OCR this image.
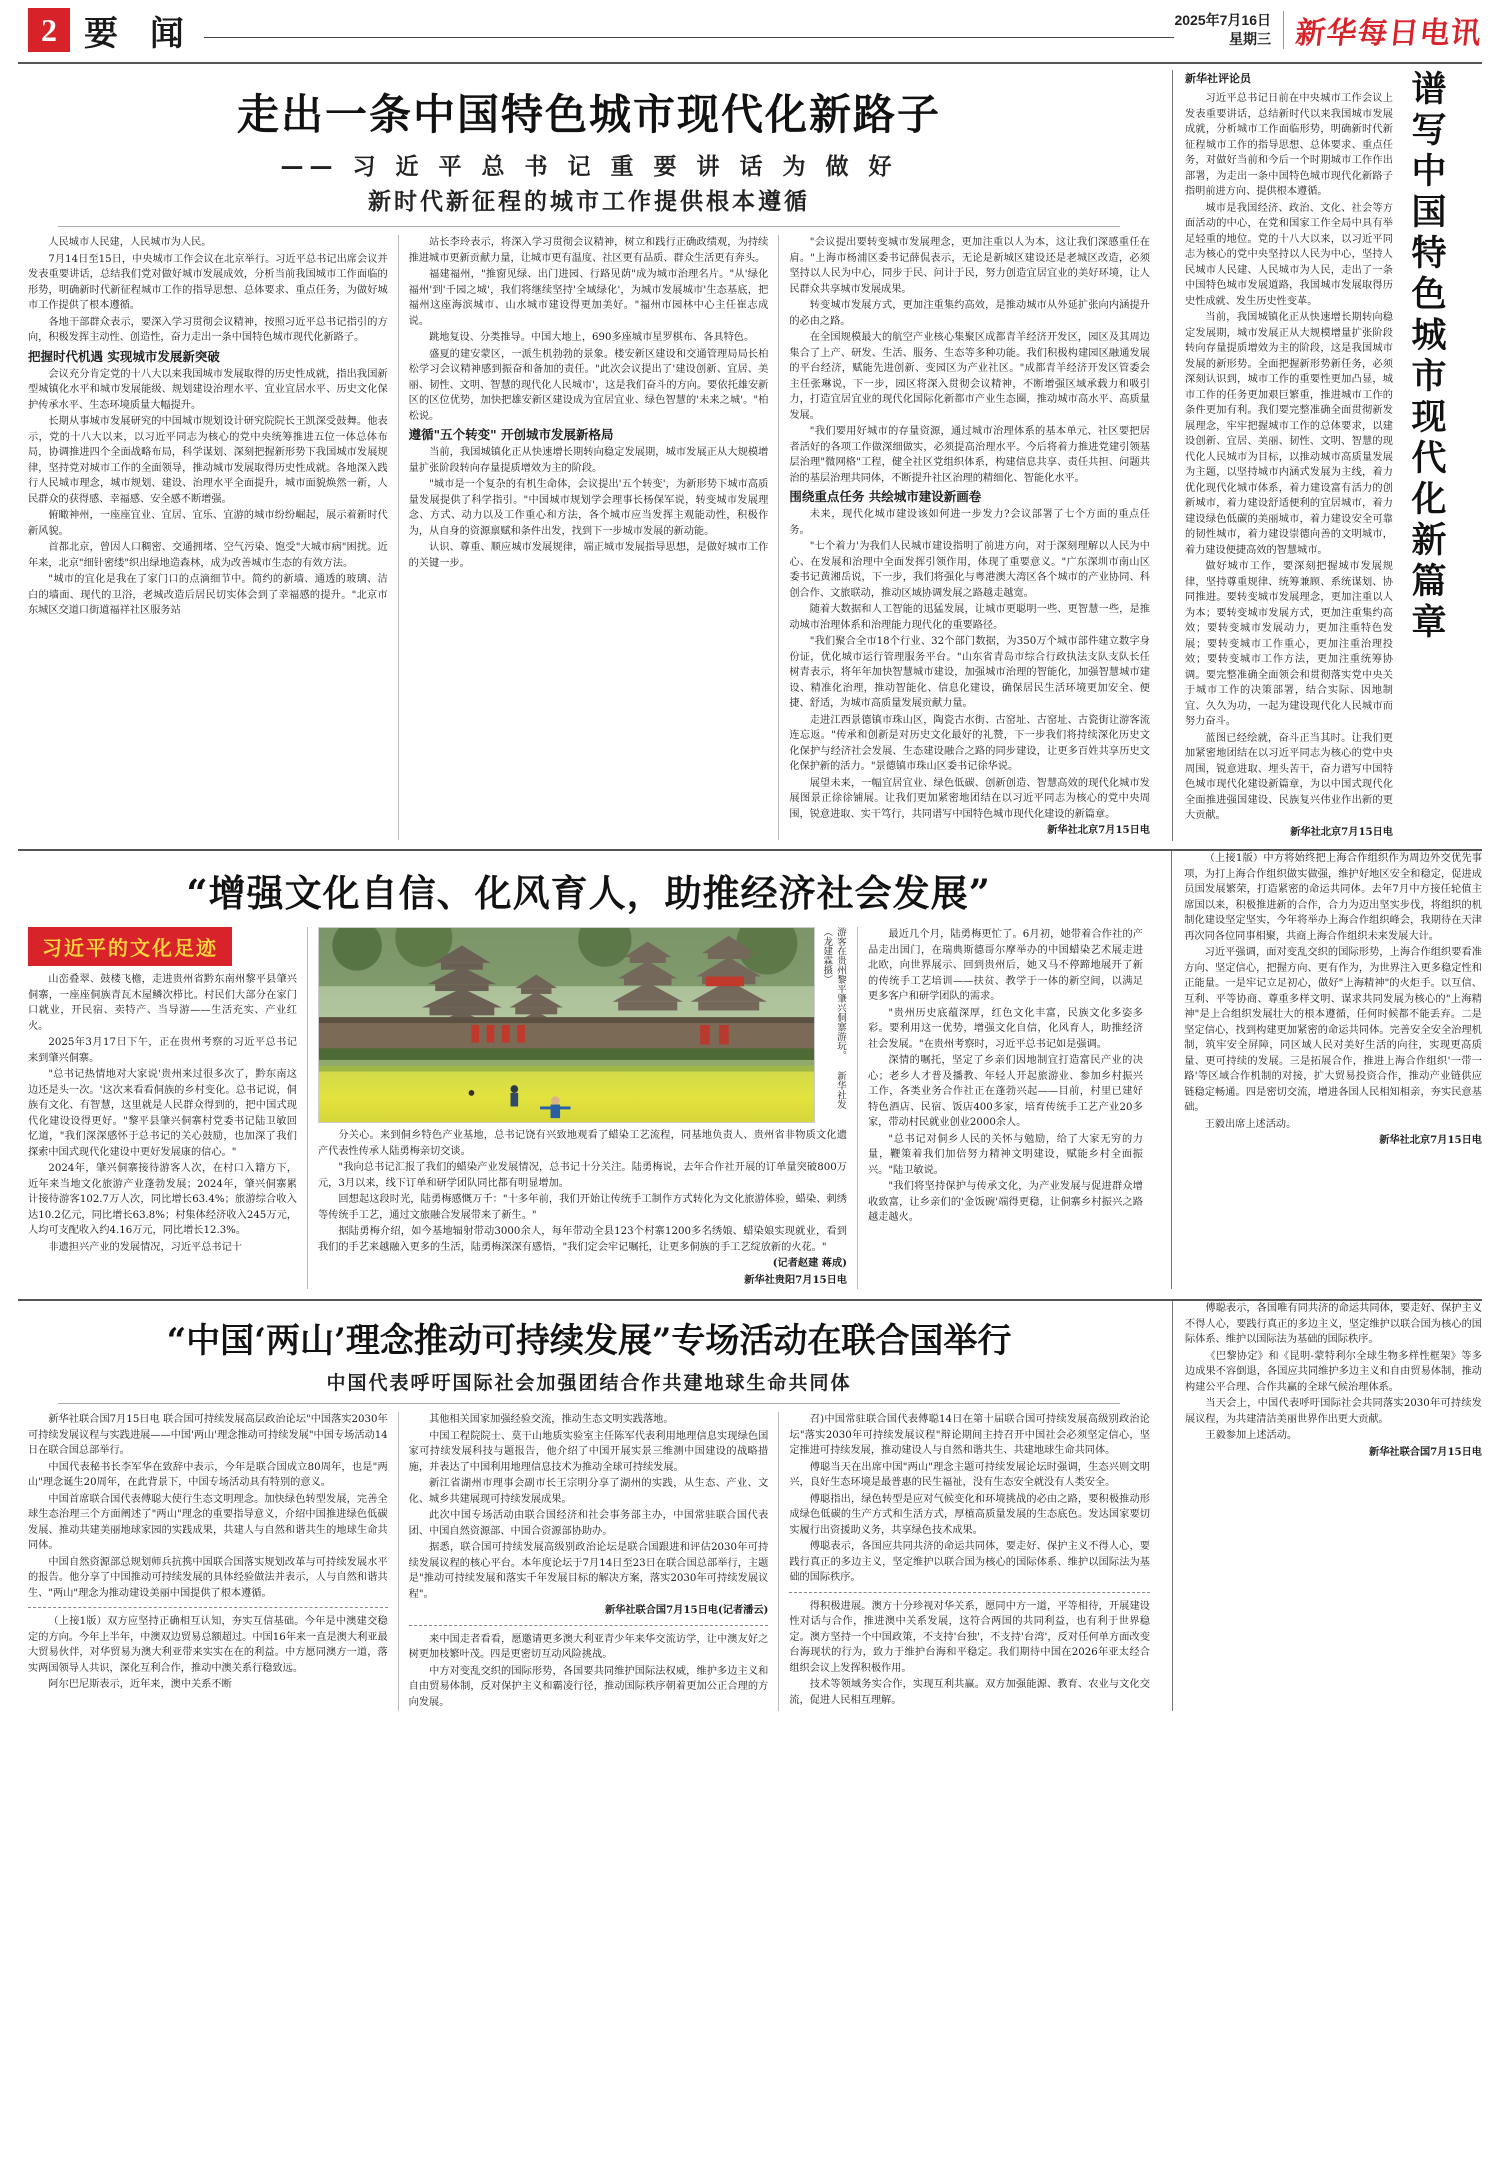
2 要 闻	2025年7月16日
星期三 新华每日电讯
走出一条中国特色城市现代化新路子
—— 习 近 平 总 书 记 重 要 讲 话 为 做 好
新时代新征程的城市工作提供根本遵循

人民城市人民建，人民城市为人民。

7月14日至15日，中央城市工作会议在北京举行。习近平总书记出席会议并发表重要讲话，总结我们党对做好城市发展成效，分析当前我国城市工作面临的形势，明确新时代新征程城市工作的指导思想、总体要求、重点任务，为做好城市工作提供了根本遵循。

各地干部群众表示，要深入学习贯彻会议精神，按照习近平总书记指引的方向，积极发挥主动性、创造性，奋力走出一条中国特色城市现代化新路子。

把握时代机遇 实现城市发展新突破

会议充分肯定党的十八大以来我国城市发展取得的历史性成就，指出我国新型城镇化水平和城市发展能级、规划建设治理水平、宜业宜居水平、历史文化保护传承水平、生态环境质量大幅提升。

长期从事城市发展研究的中国城市规划设计研究院院长王凯深受鼓舞。他表示，党的十八大以来，以习近平同志为核心的党中央统筹推进五位一体总体布局，协调推进四个全面战略布局，科学谋划、深刻把握新形势下我国城市发展规律，坚持党对城市工作的全面领导，推动城市发展取得历史性成就。各地深入践行人民城市理念，城市规划、建设、治理水平全面提升，城市面貌焕然一新，人民群众的获得感、幸福感、安全感不断增强。

俯瞰神州，一座座宜业、宜居、宜乐、宜游的城市纷纷崛起，展示着新时代新风貌。

首都北京，曾因人口稠密、交通拥堵、空气污染、饱受"大城市病"困扰。近年来，北京"细针密缕"织出绿地造森林，成为改善城市生态的有效方法。

"城市的宜化是我在了家门口的点滴细节中。简约的新墙、通透的玻璃、洁白的墙面、现代的卫浴，老城改造后居民切实体会到了幸福感的提升。"北京市东城区交道口街道福祥社区服务站

站长李玲表示，将深入学习贯彻会议精神，树立和践行正确政绩观，为持续推进城市更新贡献力量，让城市更有温度、社区更有品质、群众生活更有奔头。

福建福州，"推窗见绿、出门进园、行路见荫"成为城市治理名片。"从'绿化福州'到'千园之城'，我们将继续坚持'全域绿化'，为城市发展城市'生态基底，把福州这座海滨城市、山水城市建设得更加美好。"福州市园林中心主任崔志成说。

跳地复设、分类推导。中国大地上，690多座城市星罗棋布、各具特色。

盛夏的建安蒙区，一派生机勃勃的景象。楼安新区建设和交通管理局局长柏松学习会议精神感到振奋和备加的责任。"此次会议提出了'建设创新、宜居、美丽、韧性、文明、智慧的现代化人民城市'，这是我们奋斗的方向。要依托雄安新区的区位优势，加快把雄安新区建设成为宜居宜业、绿色智慧的'未来之城'。"柏松说。

遵循"五个转变" 开创城市发展新格局

当前，我国城镇化正从快速增长期转向稳定发展期，城市发展正从大规模增量扩张阶段转向存量提质增效为主的阶段。

"城市是一个复杂的有机生命体，会议提出'五个转变'，为新形势下城市高质量发展提供了科学指引。"中国城市规划学会理事长杨保军说，转变城市发展理念、方式、动力以及工作重心和方法，各个城市应当发挥主观能动性，积极作为，从自身的资源禀赋和条件出发，找到下一步城市发展的新动能。

认识、尊重、顺应城市发展规律，端正城市发展指导思想，是做好城市工作的关键一步。

"会议提出要转变城市发展理念，更加注重以人为本，这让我们深感重任在肩。"上海市杨浦区委书记薛侃表示，无论是新城区建设还是老城区改造，必须坚持以人民为中心，同步于民、问计于民，努力创造宜居宜业的美好环境，让人民群众共享城市发展成果。

转变城市发展方式，更加注重集约高效，是推动城市从外延扩张向内涵提升的必由之路。

在全国规模最大的航空产业核心集聚区成都青羊经济开发区，园区及其周边集合了上产、研发、生活、服务、生态等多种功能。我们积极构建园区融通发展的平台经济，赋能先进创新、变园区为产业社区。"成都青羊经济开发区管委会主任张琳说，下一步，园区将深入贯彻会议精神，不断增强区域承载力和吸引力，打造宜居宜业的现代化国际化新都市产业生态圈，推动城市高水平、高质量发展。

"我们要用好城市的存量资源，通过城市治理体系的基本单元、社区要把居者活好的各项工作做深细做实，必须提高治理水平。今后将着力推进党建引领基层治理"微网格"工程，健全社区党组织体系，构建信息共享、责任共担、问题共治的基层治理共同体，不断提升社区治理的精细化、智能化水平。

围绕重点任务 共绘城市建设新画卷

未来，现代化城市建设该如何进一步发力?会议部署了七个方面的重点任务。

"七个着力'为我们人民城市建设指明了前进方向，对于深刻理解以人民为中心、在发展和治理中全面发挥引领作用，体现了重要意义。"广东深圳市南山区委书记黄湘岳说，下一步，我们将强化与粤港澳大湾区各个城市的产业协同、科创合作、文旅联动，推动区域协调发展之路越走越宽。

随着大数据和人工智能的迅猛发展，让城市更聪明一些、更智慧一些，是推动城市治理体系和治理能力现代化的重要路径。

"我们聚合全市18个行业、32个部门数据，为350万个城市部件建立数字身份证，优化城市运行管理服务平台。"山东省青岛市综合行政执法支队支队长任树青表示，将年年加快智慧城市建设，加强城市治理的智能化，加强智慧城市建设、精准化治理，推动智能化、信息化建设，确保居民生活环境更加安全、便捷、舒适，为城市高质量发展贡献力量。

走进江西景德镇市珠山区，陶瓷古水街、古窑址、古窑址、古瓷街让游客流连忘返。"传承和创新是对历史文化最好的礼赞，下一步我们将持续深化历史文化保护与经济社会发展、生态建设融合之路的同步建设，让更多百姓共享历史文化保护新的活力。"景德镇市珠山区委书记徐华说。

展望未来，一幅宜居宜业、绿色低碳、创新创造、智慧高效的现代化城市发展图景正徐徐铺展。让我们更加紧密地团结在以习近平同志为核心的党中央周围，锐意进取、实干笃行，共同谱写中国特色城市现代化建设的新篇章。

新华社北京7月15日电

新华社评论员

习近平总书记日前在中央城市工作会议上发表重要讲话，总结新时代以来我国城市发展成就，分析城市工作面临形势，明确新时代新征程城市工作的指导思想、总体要求、重点任务，对做好当前和今后一个时期城市工作作出部署，为走出一条中国特色城市现代化新路子指明前进方向、提供根本遵循。

城市是我国经济、政治、文化、社会等方面活动的中心，在党和国家工作全局中具有举足轻重的地位。党的十八大以来，以习近平同志为核心的党中央坚持以人民为中心，坚持人民城市人民建、人民城市为人民，走出了一条中国特色城市发展道路，我国城市发展取得历史性成就、发生历史性变革。

当前，我国城镇化正从快速增长期转向稳定发展期，城市发展正从大规模增量扩张阶段转向存量提质增效为主的阶段，这是我国城市发展的新形势。全面把握新形势新任务，必须深刻认识到，城市工作的重要性更加凸显，城市工作的任务更加艰巨繁重，推进城市工作的条件更加有利。我们要完整准确全面贯彻新发展理念，牢牢把握城市工作的总体要求，以建设创新、宜居、美丽、韧性、文明、智慧的现代化人民城市为目标，以推动城市高质量发展为主题，以坚持城市内涵式发展为主线，着力优化现代化城市体系，着力建设富有活力的创新城市，着力建设舒适便利的宜居城市，着力建设绿色低碳的美丽城市，着力建设安全可靠的韧性城市，着力建设崇德向善的文明城市，着力建设便捷高效的智慧城市。

做好城市工作，要深刻把握城市发展规律，坚持尊重规律、统筹兼顾、系统谋划、协同推进。要转变城市发展理念，更加注重以人为本；要转变城市发展方式，更加注重集约高效；要转变城市发展动力，更加注重特色发展；要转变城市工作重心，更加注重治理投效；要转变城市工作方法，更加注重统筹协调。要完整准确全面领会和贯彻落实党中央关于城市工作的决策部署，结合实际、因地制宜、久久为功，一起为建设现代化人民城市而努力奋斗。

蓝图已经绘就，奋斗正当其时。让我们更加紧密地团结在以习近平同志为核心的党中央周围，锐意进取、埋头苦干，奋力谱写中国特色城市现代化建设新篇章，为以中国式现代化全面推进强国建设、民族复兴伟业作出新的更大贡献。

新华社北京7月15日电

谱写中国特色城市现代化新篇章
“增强文化自信、化风育人，助推经济社会发展”
习近平的文化足迹

山峦叠翠、鼓楼飞檐，走进贵州省黔东南州黎平县肇兴侗寨，一座座侗族青瓦木屋鳞次栉比。村民们大部分在家门口就业，开民宿、卖特产、当导游——生活充实、产业红火。

2025年3月17日下午，正在贵州考察的习近平总书记来到肇兴侗寨。

"总书记热情地对大家说'贵州来过很多次了，黔东南这边还是头一次。'这次来看看侗族的乡村变化。总书记说，侗族有文化、有智慧，这里就是人民群众得到的，把中国式现代化建设设得更好。"黎平县肇兴侗寨村党委书记陆卫敏回忆道，"我们深深感怀于总书记的关心鼓励，也加深了我们探索中国式现代化建设中更好发展康的信心。"

2024年，肇兴侗寨接待游客人次，在村口入籍方下，近年来当地文化旅游产业蓬勃发展；2024年，肇兴侗寨累计接待游客102.7万人次，同比增长63.4%；旅游综合收入达10.2亿元，同比增长63.8%；村集体经济收入245万元，人均可支配收入约4.16万元，同比增长12.3%。

非遗担兴产业的发展情况，习近平总书记十

游客在贵州黎平肇兴侗寨游玩。 新华社发（龙建霖摄）

分关心。来到侗乡特色产业基地，总书记饶有兴致地观看了蜡染工艺流程，同基地负责人、贵州省非物质文化遗产代表性传承人陆勇梅亲切交谈。

"我向总书记汇报了我们的蜡染产业发展情况，总书记十分关注。陆勇梅说，去年合作社开展的订单量突破800万元，3月以来，线下订单和研学团队同比都有明显增加。

回想起这段时光，陆勇梅感慨万千："十多年前，我们开始让传统手工制作方式转化为文化旅游体验，蜡染、刺绣等传统手工艺，通过文旅融合发展带来了新生。"

据陆勇梅介绍，如今基地辐射带动3000余人，每年带动全县123个村寨1200多名绣娘、蜡染娘实现就业，看到我们的手艺来越融入更多的生活，陆勇梅深深有感悟，"我们定会牢记嘱托，让更多侗族的手工艺绽放新的火花。"

(记者赵建 蒋成)

新华社贵阳7月15日电

最近几个月，陆勇梅更忙了。6月初，她带着合作社的产品走出国门，在瑞典斯德哥尔摩举办的中国蜡染艺术展走进北欧，向世界展示、回到贵州后，她又马不停蹄地展开了新的传统手工艺培训——扶贫、教学于一体的新空间，以满足更多客户和研学团队的需求。

"贵州历史底蕴深厚，红色文化丰富，民族文化多姿多彩。要利用这一优势，增强文化自信，化风育人，助推经济社会发展。"在贵州考察时，习近平总书记如是强调。

深情的嘱托，坚定了乡亲们因地制宜打造富民产业的决心；老乡人才普及播教、年轻人开起旅游业、参加乡村振兴工作，各类业务合作社正在蓬勃兴起——目前，村里已建好特色酒店、民宿、饭店400多家，培育传统手工艺产业20多家，带动村民就业创业2000余人。

"总书记对侗乡人民的关怀与勉励，给了大家无穷的力量，鞭策着我们加倍努力精神文明建设，赋能乡村全面振兴。"陆卫敏说。

"我们将坚持保护与传承文化，为产业发展与促进群众增收致富，让乡亲们的'金饭碗'端得更稳，让侗寨乡村振兴之路越走越火。

（上接1版）中方将始终把上海合作组织作为周边外交优先事项，为打上海合作组织做实做强，维护好地区安全和稳定，促进成员国发展繁荣，打造紧密的命运共同体。去年7月中方接任轮值主席国以来，积极推进新的合作，合力为迈出坚实步伐，将组织的机制化建设坚定坚实，今年将举办上海合作组织峰会，我期待在天津再次同各位同事相聚，共商上海合作组织未来发展大计。

习近平强调，面对变乱交织的国际形势，上海合作组织要看准方向、坚定信心，把握方向、更有作为，为世界注入更多稳定性和正能量。一是牢记立足初心，做好"上海精神"的火炬手。以互信、互利、平等协商、尊重多样文明、谋求共同发展为核心的"上海精神"是上合组织发展壮大的根本遵循，任何时候都不能丢弃。二是坚定信心，找到构建更加紧密的命运共同体。完善安全安全治理机制，筑牢安全屏障，同区域人民对美好生活的向往，实现更高质量、更可持续的发展。三是拓展合作，推进上海合作组织'一带一路'等区域合作机制的对接，扩大贸易投资合作，推动产业链供应链稳定畅通。四是密切交流，增进各国人民相知相亲，夯实民意基础。

王毅出席上述活动。

新华社北京7月15日电

“中国‘两山’理念推动可持续发展”专场活动在联合国举行
中国代表呼吁国际社会加强团结合作共建地球生命共同体

新华社联合国7月15日电 联合国可持续发展高层政治论坛"中国落实2030年可持续发展议程与实践进展——中国'两山'理念推动可持续发展"中国专场活动14日在联合国总部举行。

中国代表秘书长李军华在致辞中表示，今年是联合国成立80周年，也是"两山"理念诞生20周年，在此背景下，中国专场活动具有特别的意义。

中国首席联合国代表傅聪大使行生态文明理念。加快绿色转型发展，完善全球生态治理三个方面阐述了"两山"理念的重要指导意义，介绍中国推进绿色低碳发展、推动共建美丽地球家园的实践成果，共建人与自然和谐共生的地球生命共同体。

中国自然资源部总规划师兵抗携中国联合国落实规划改革与可持续发展水平的报告。他分享了中国推动可持续发展的具体经验做法并表示，人与自然和谐共生、"两山"理念为推动建设美丽中国提供了根本遵循。

（上接1版）双方应坚持正确相互认知，夯实互信基础。今年是中澳建交稳定的方向。今年上半年，中澳双边贸易总额超过。中国16年来一直是澳大利亚最大贸易伙伴，对华贸易为澳大利亚带来实实在在的利益。中方愿同澳方一道，落实两国领导人共识，深化互利合作，推动中澳关系行稳致远。

阿尔巴尼斯表示，近年来，澳中关系不断

其他相关国家加强经验交流，推动生态文明实践落地。

中国工程院院士、莫干山地质实验室主任陈军代表利用地理信息实现绿色国家可持续发展科技与题报告，他介绍了中国开展实景三维测中国建设的战略措施，并表达了中国利用地理信息技术为推动全球可持续发展。

新江省湖州市理事会副市长王宗明分享了湖州的实践，从生态、产业、文化、城乡共建展现可持续发展成果。

此次中国专场活动由联合国经济和社会事务部主办，中国常驻联合国代表团、中国自然资源部、中国合资源部协助办。

据悉，联合国可持续发展高级别政治论坛是联合国跟进和评估2030年可持续发展议程的核心平台。本年度论坛于7月14日至23日在联合国总部举行，主题是"推动可持续发展和落实千年发展目标的解决方案，落实2030年可持续发展议程"。

新华社联合国7月15日电(记者潘云)

来中国走者看看，愿邀请更多澳大利亚青少年来华交流访学，让中澳友好之树更加枝繁叶茂。四是更密切互动风险挑战。

中方对变乱交织的国际形势，各国要共同维护国际法权威，维护多边主义和自由贸易体制，反对保护主义和霸凌行径，推动国际秩序朝着更加公正合理的方向发展。

召)中国常驻联合国代表傅聪14日在第十届联合国可持续发展高级别政治论坛"落实2030年可持续发展议程"辩论期间主持召开中国社会必须坚定信心，坚定推进可持续发展，推动建设人与自然和谐共生、共建地球生命共同体。

傅聪当天在出席中国"两山"理念主题可持续发展论坛时强调，生态兴则文明兴，良好生态环境是最普惠的民生福祉，没有生态安全就没有人类安全。

傅聪指出，绿色转型是应对气候变化和环境挑战的必由之路，要积极推动形成绿色低碳的生产方式和生活方式，厚植高质量发展的生态底色。发达国家要切实履行出资援助义务，共享绿色技术成果。

傅聪表示，各国应共同共济的命运共同体，要走好、保护主义不得人心，要践行真正的多边主义，坚定维护以联合国为核心的国际体系、维护以国际法为基础的国际秩序。

得积极进展。澳方十分珍视对华关系，愿同中方一道，平等相待，开展建设性对话与合作，推进澳中关系发展，这符合两国的共同利益，也有利于世界稳定。澳方坚持一个中国政策，不支持'台独'，不支持'台湾'，反对任何单方面改变台海现状的行为，致力于维护台海和平稳定。我们期待中国在2026年亚太经合组织会议上发挥积极作用。

技术等领域务实合作，实现互利共赢。双方加强能源、教育、农业与文化交流，促进人民相互理解。

傅聪表示，各国唯有同共济的命运共同体，要走好、保护主义不得人心，要践行真正的多边主义，坚定维护以联合国为核心的国际体系、维护以国际法为基础的国际秩序。

《巴黎协定》和《昆明-蒙特利尔全球生物多样性框架》等多边成果不容倒退，各国应共同维护多边主义和自由贸易体制，推动构建公平合理、合作共赢的全球气候治理体系。

当天会上，中国代表呼吁国际社会共同落实2030年可持续发展议程，为共建清洁美丽世界作出更大贡献。

王毅参加上述活动。

新华社联合国7月15日电
